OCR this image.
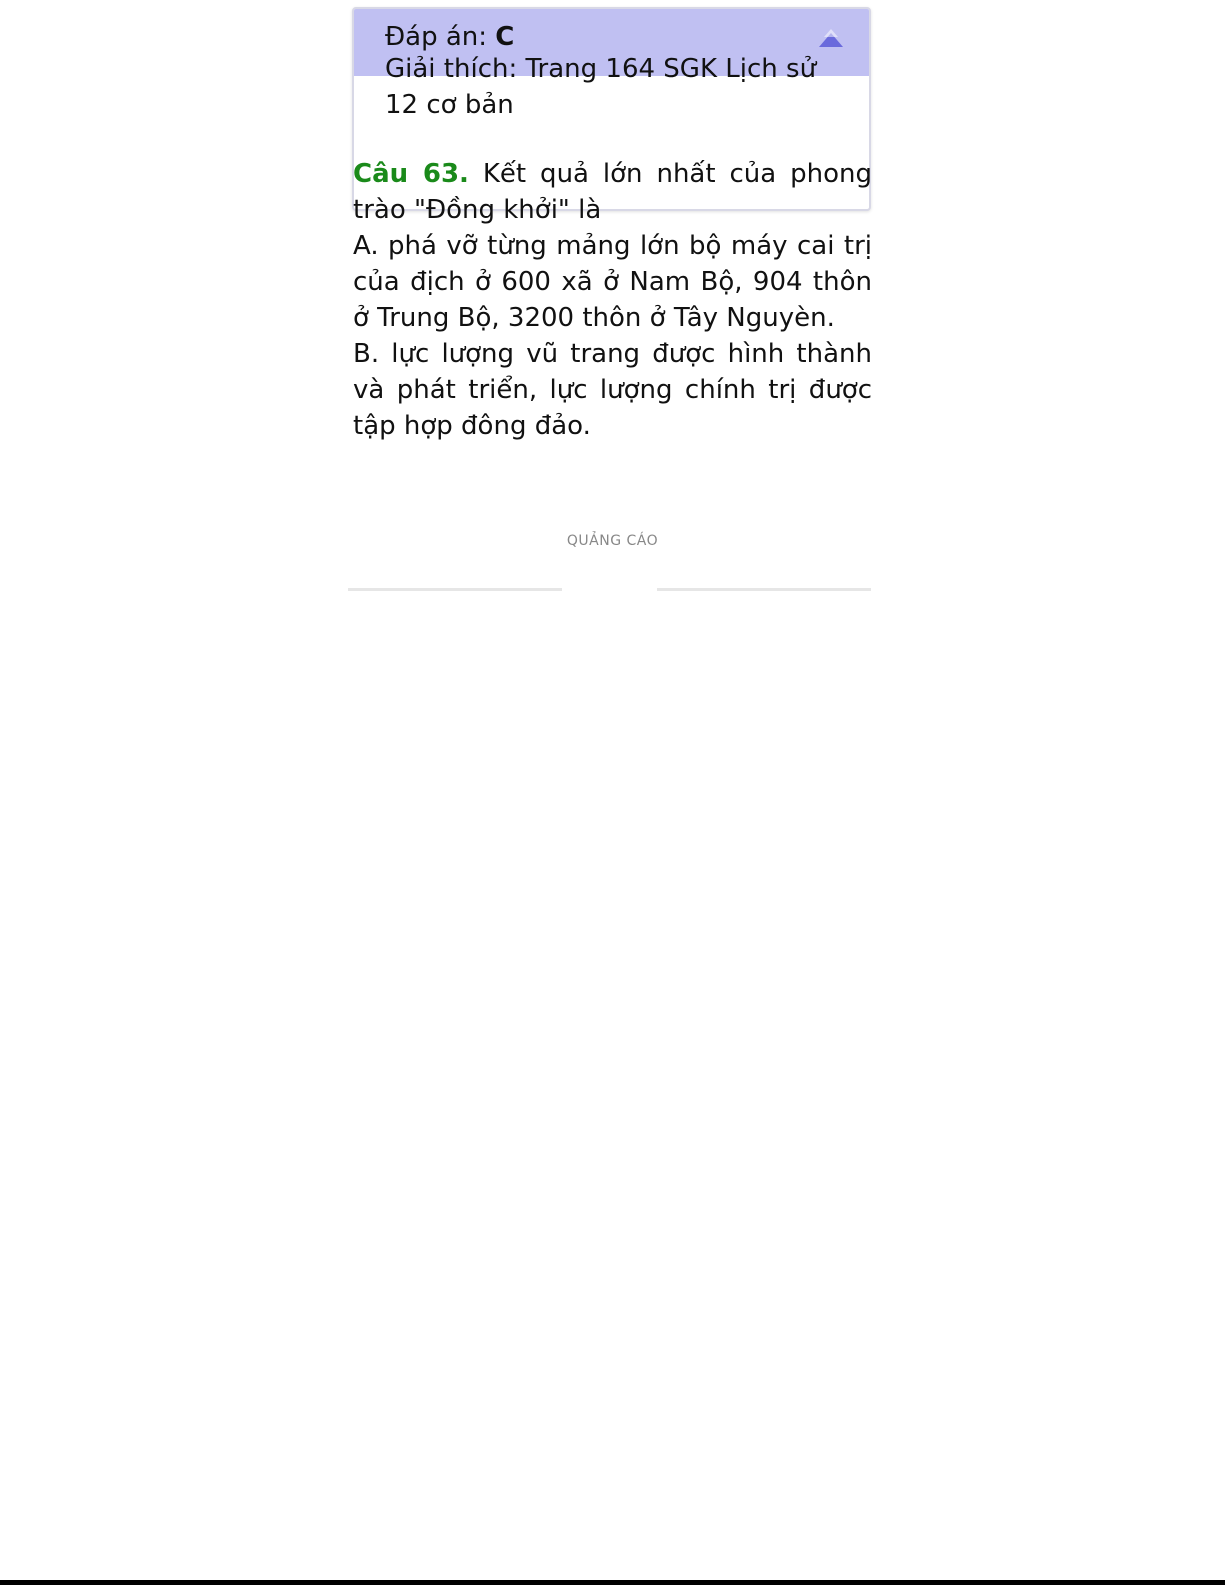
Đáp án: C
Giải thích: Trang 164 SGK Lịch sử 12 cơ bản

Câu 63. Kết quả lớn nhất của phong trào "Đồng khởi" là

A. phá vỡ từng mảng lớn bộ máy cai trị của địch ở 600 xã ở Nam Bộ, 904 thôn ở Trung Bộ, 3200 thôn ở Tây Nguyèn.

B. lực lượng vũ trang được hình thành và phát triển, lực lượng chính trị được tập hợp đông đảo.

QUẢNG CÁO
